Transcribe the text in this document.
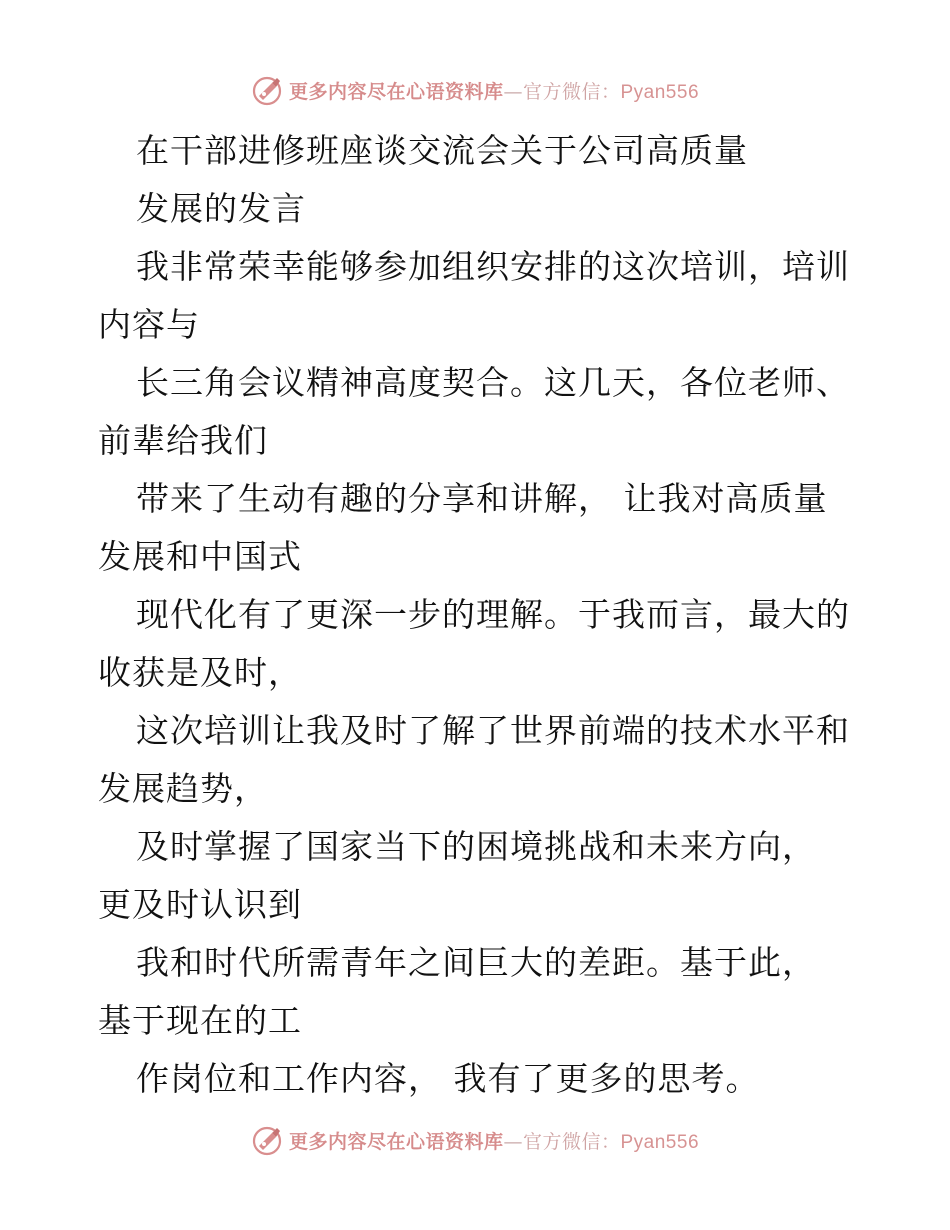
更多内容尽在心语资料库—官方微信：Pyan556
在干部进修班座谈交流会关于公司高质量
发展的发言
我非常荣幸能够参加组织安排的这次培训，培训
内容与
长三角会议精神高度契合。这几天，各位老师、
前辈给我们
带来了生动有趣的分享和讲解， 让我对高质量
发展和中国式
现代化有了更深一步的理解。于我而言，最大的
收获是及时，
这次培训让我及时了解了世界前端的技术水平和
发展趋势，
及时掌握了国家当下的困境挑战和未来方向，
更及时认识到
我和时代所需青年之间巨大的差距。基于此，
基于现在的工
作岗位和工作内容， 我有了更多的思考。
更多内容尽在心语资料库—官方微信：Pyan556
